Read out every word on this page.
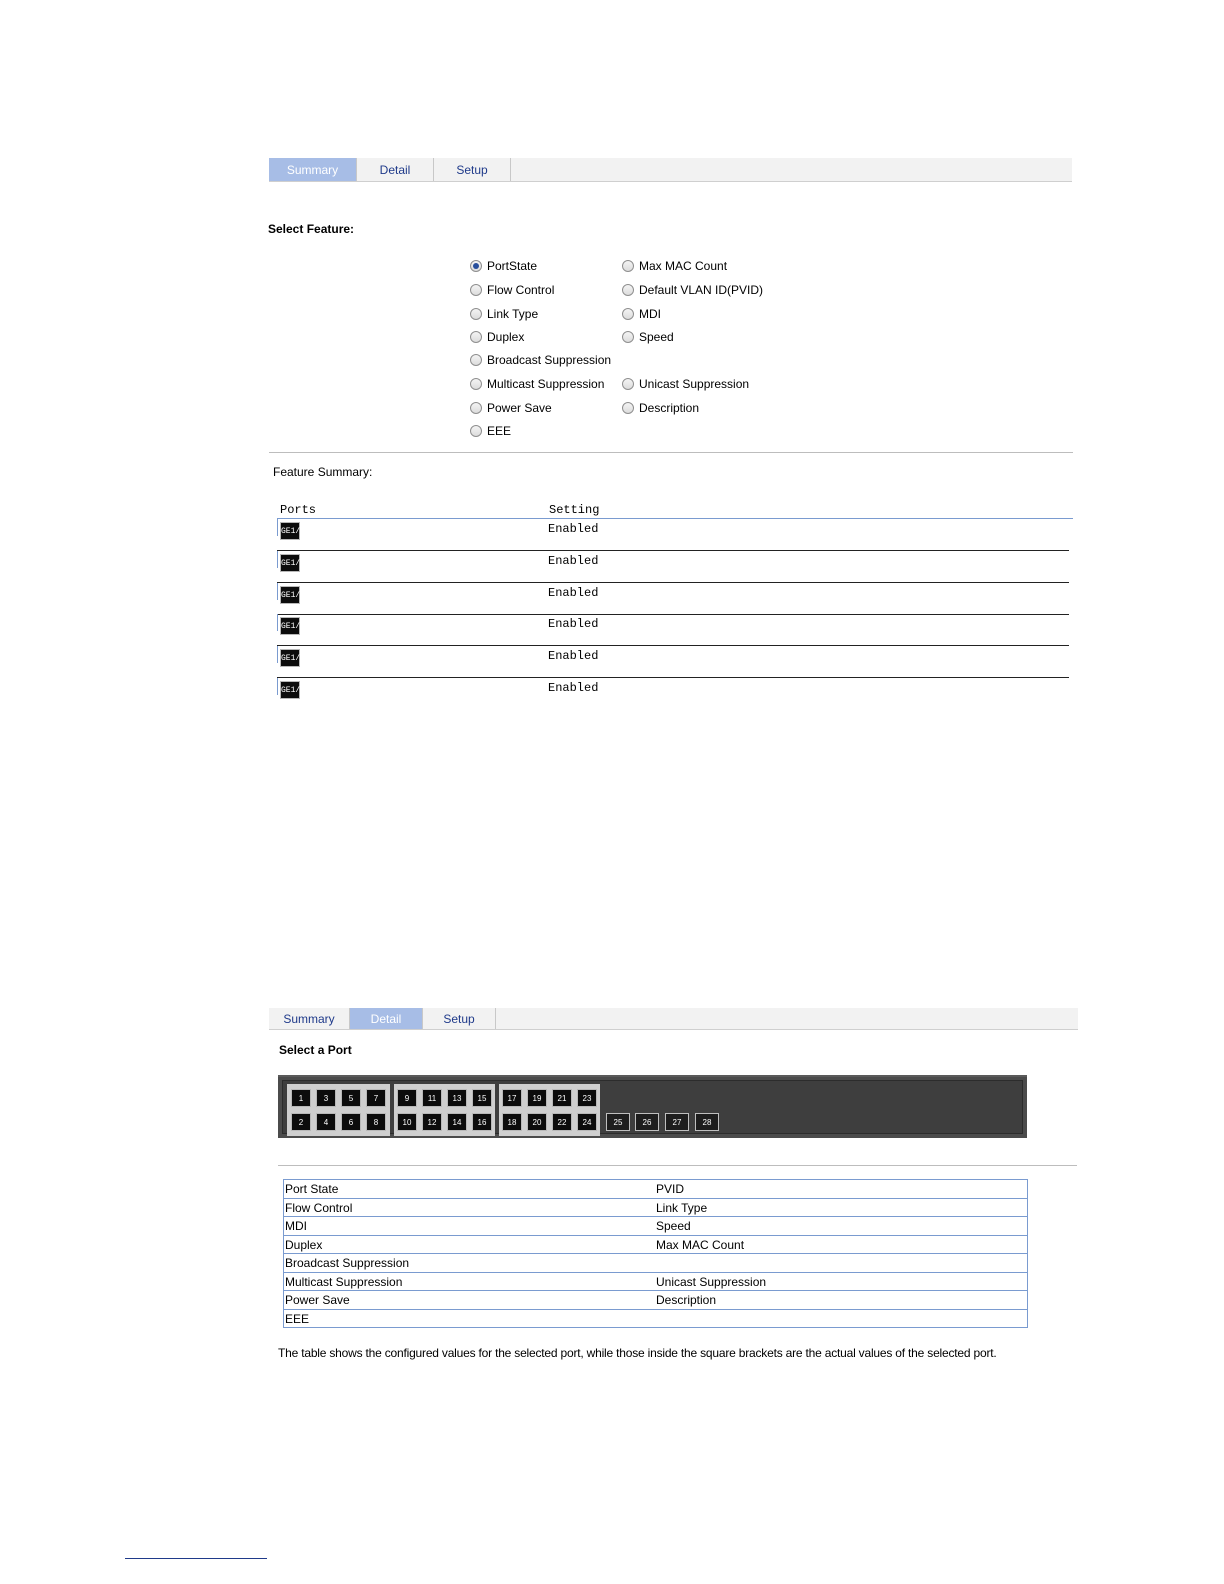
Summary	Detail	Setup
Select Feature:
PortState	Max MAC Count
Flow Control	Default VLAN ID(PVID)
Link Type	MDI
Duplex	Speed
Broadcast Suppression
Multicast Suppression	Unicast Suppression
Power Save	Description
EEE
Feature Summary:
Ports	Setting
GE1/0/1	Enabled
GE1/0/2	Enabled
GE1/0/3	Enabled
GE1/0/4	Enabled
GE1/0/5	Enabled
GE1/0/6	Enabled
Summary	Detail	Setup
Select a Port
1	3	5	7
2	4	6	8
9	11	13	15
10	12	14	16
17	19	21	23
18	20	22	24	25	26	27	28
Port State	PVID
Flow Control	Link Type
MDI	Speed
Duplex	Max MAC Count
Broadcast Suppression
Multicast Suppression	Unicast Suppression
Power Save	Description
EEE
The table shows the configured values for the selected port, while those inside the square brackets are the actual values of the selected port.
